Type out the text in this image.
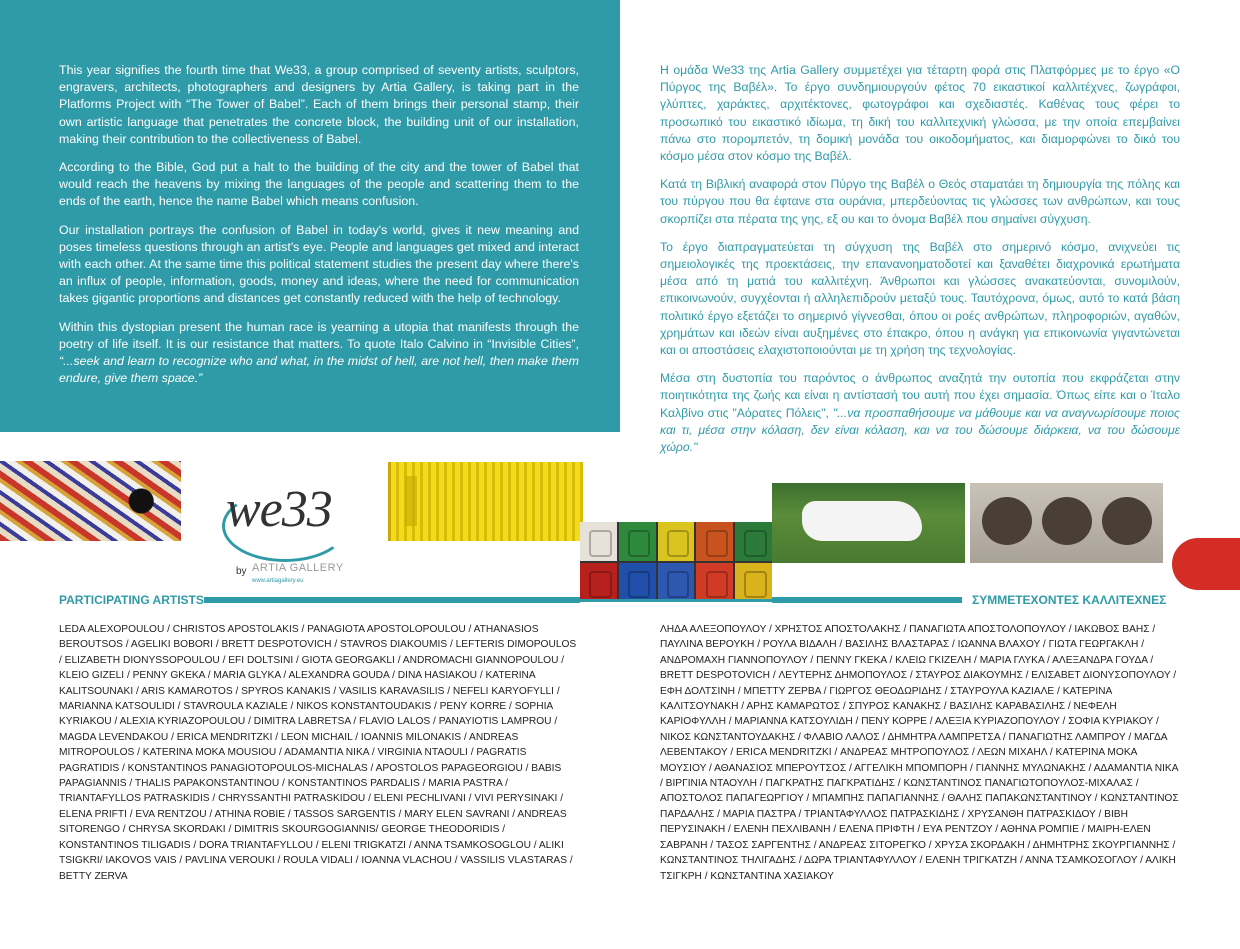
This year signifies the fourth time that We33, a group comprised of seventy artists, sculptors, engravers, architects, photographers and designers by Artia Gallery, is taking part in the Platforms Project with “The Tower of Babel”. Each of them brings their personal stamp, their own artistic language that penetrates the concrete block, the building unit of our installation, making their contribution to the collectiveness of Babel.

According to the Bible, God put a halt to the building of the city and the tower of Babel that would reach the heavens by mixing the languages of the people and scattering them to the ends of the earth, hence the name Babel which means confusion.

Our installation portrays the confusion of Babel in today's world, gives it new meaning and poses timeless questions through an artist's eye. People and languages get mixed and interact with each other. At the same time this political statement studies the present day where there's an influx of people, information, goods, money and ideas, where the need for communication takes gigantic proportions and distances get constantly reduced with the help of technology.

Within this dystopian present the human race is yearning a utopia that manifests through the poetry of life itself. It is our resistance that matters. To quote Italo Calvino in “Invisible Cities”, “...seek and learn to recognize who and what, in the midst of hell, are not hell, then make them endure, give them space.”

Η ομάδα We33 της Artia Gallery συμμετέχει για τέταρτη φορά στις Πλατφόρμες με το έργο «Ο Πύργος της Βαβέλ». Το έργο συνδημιουργούν φέτος 70 εικαστικοί καλλιτέχνες, ζωγράφοι, γλύπτες, χαράκτες, αρχιτέκτονες, φωτογράφοι και σχεδιαστές. Καθένας τους φέρει το προσωπικό του εικαστικό ιδίωμα, τη δική του καλλιτεχνική γλώσσα, με την οποία επεμβαίνει πάνω στο πορομπετόν, τη δομική μονάδα του οικοδομήματος, και διαμορφώνει το δικό του κόσμο μέσα στον κόσμο της Βαβέλ.

Κατά τη Βιβλική αναφορά στον Πύργο της Βαβέλ ο Θεός σταματάει τη δημιουργία της πόλης και του πύργου που θα έφτανε στα ουράνια, μπερδεύοντας τις γλώσσες των ανθρώπων, και τους σκορπίζει στα πέρατα της γης, εξ ου και το όνομα Βαβέλ που σημαίνει σύγχυση.

Το έργο διαπραγματεύεται τη σύγχυση της Βαβέλ στο σημερινό κόσμο, ανιχνεύει τις σημειολογικές της προεκτάσεις, την επανανοηματοδοτεί και ξαναθέτει διαχρονικά ερωτήματα μέσα από τη ματιά του καλλιτέχνη. Άνθρωποι και γλώσσες ανακατεύονται, συνομιλούν, επικοινωνούν, συγχέονται ή αλληλεπιδρούν μεταξύ τους. Ταυτόχρονα, όμως, αυτό το κατά βάση πολιτικό έργο εξετάζει το σημερινό γίγνεσθαι, όπου οι ροές ανθρώπων, πληροφοριών, αγαθών, χρημάτων και ιδεών είναι αυξημένες στο έπακρο, όπου η ανάγκη για επικοινωνία γιγαντώνεται και οι αποστάσεις ελαχιστοποιούνται με τη χρήση της τεχνολογίας.

Μέσα στη δυστοπία του παρόντος ο άνθρωπος αναζητά την ουτοπία που εκφράζεται στην ποιητικότητα της ζωής και είναι η αντίστασή του αυτή που έχει σημασία. Όπως είπε και ο Ίταλο Καλβίνο στις "Αόρατες Πόλεις", "...να προσπαθήσουμε να μάθουμε και να αναγνωρίσουμε ποιος και τι, μέσα στην κόλαση, δεν είναι κόλαση, και να του δώσουμε διάρκεια, να του δώσουμε χώρο."

we33
by ARTIA GALLERY
www.artiagallery.eu
PARTICIPATING ARTISTS	ΣΥΜΜΕΤΕΧΟΝΤΕΣ ΚΑΛΛΙΤΕΧΝΕΣ
LEDA ALEXOPOULOU / CHRISTOS APOSTOLAKIS / PANAGIOTA APOSTOLOPOULOU / ATHANASIOS BEROUTSOS / AGELIKI BOBORI / BRETT DESPOTOVICH / STAVROS DIAKOUMIS / LEFTERIS DIMOPOULOS / ELIZABETH DIONYSSOPOULOU / EFI DOLTSINI / GIOTA GEORGAKLI / ANDROMACHI GIANNOPOULOU / KLEIO GIZELI / PENNY GKEKA / MARIA GLYKA / ALEXANDRA GOUDA / DINA HASIAKOU / KATERINA KALITSOUNAKI / ARIS KAMAROTOS / SPYROS KANAKIS / VASILIS KARAVASILIS / NEFELI KARYOFYLLI / MARIANNA KATSOULIDI / STAVROULA KAZIALE / NIKOS KONSTANTOUDAKIS / PENY KORRE / SOPHIA KYRIAKOU / ALEXIA KYRIAZOPOULOU / DIMITRA LABRETSA / FLAVIO LALOS / PANAYIOTIS LAMPROU / MAGDA LEVENDAKOU / ERICA MENDRITZKI / LEON MICHAIL / IOANNIS MILONAKIS / ANDREAS MITROPOULOS / KATERINA MOKA MOUSIOU / ADAMANTIA NIKA / VIRGINIA NTAOULI / PAGRATIS PAGRATIDIS / KONSTANTINOS PANAGIOTOPOULOS-MICHALAS / APOSTOLOS PAPAGEORGIOU / BABIS PAPAGIANNIS / THALIS PAPAKONSTANTINOU / KONSTANTINOS PARDALIS / MARIA PASTRA / TRIANTAFYLLOS PATRASKIDIS / CHRYSSANTHI PATRASKIDOU / ELENI PECHLIVANI / VIVI PERYSINAKI / ELENA PRIFTI / EVA RENTZOU / ATHINA ROBIE / TASSOS SARGENTIS / MARY ELEN SAVRANI / ANDREAS SITORENGO / CHRYSA SKORDAKI / DIMITRIS SKOURGOGIANNIS/ GEORGE THEODORIDIS / KONSTANTINOS TILIGADIS / DORA TRIANTAFYLLOU / ELENI TRIGKATZI / ANNA TSAMKOSOGLOU / ALIKI TSIGKRI/ IAKOVOS VAIS / PAVLINA VEROUKI / ROULA VIDALI / IOANNA VLACHOU / VASSILIS VLASTARAS / BETTY ZERVA
ΛΗΔΑ ΑΛΕΞΟΠΟΥΛΟΥ / ΧΡΗΣΤΟΣ ΑΠΟΣΤΟΛΑΚΗΣ / ΠΑΝΑΓΙΩΤΑ ΑΠΟΣΤΟΛΟΠΟΥΛΟΥ / ΙΑΚΩΒΟΣ ΒΑΗΣ / ΠΑΥΛΙΝΑ ΒΕΡΟΥΚΗ / ΡΟΥΛΑ ΒΙΔΑΛΗ / ΒΑΣΙΛΗΣ ΒΛΑΣΤΑΡΑΣ / ΙΩΑΝΝΑ ΒΛΑΧΟΥ / ΓΙΩΤΑ ΓΕΩΡΓΑΚΛΗ / ΑΝΔΡΟΜΑΧΗ ΓΙΑΝΝΟΠΟΥΛΟΥ / ΠΕΝΝΥ ΓΚΕΚΑ / ΚΛΕΙΩ ΓΚΙΖΕΛΗ / ΜΑΡΙΑ ΓΛΥΚΑ / ΑΛΕΞΑΝΔΡΑ ΓΟΥΔΑ / BRETT DESPOTOVICH / ΛΕΥΤΕΡΗΣ ΔΗΜΟΠΟΥΛΟΣ / ΣΤΑΥΡΟΣ ΔΙΑΚΟΥΜΗΣ / ΕΛΙΣΑΒΕΤ ΔΙΟΝΥΣΟΠΟΥΛΟΥ / ΕΦΗ ΔΟΛΤΣΙΝΗ / ΜΠΕΤΤΥ ΖΕΡΒΑ / ΓΙΩΡΓΟΣ ΘΕΟΔΩΡΙΔΗΣ / ΣΤΑΥΡΟΥΛΑ ΚΑΖΙΑΛΕ / ΚΑΤΕΡΙΝΑ ΚΑΛΙΤΣΟΥΝΑΚΗ / ΑΡΗΣ ΚΑΜΑΡΩΤΟΣ / ΣΠΥΡΟΣ ΚΑΝΑΚΗΣ / ΒΑΣΙΛΗΣ ΚΑΡΑΒΑΣΙΛΗΣ / ΝΕΦΕΛΗ ΚΑΡΙΟΦΥΛΛΗ / ΜΑΡΙΑΝΝΑ ΚΑΤΣΟΥΛΙΔΗ / ΠΕΝΥ ΚΟΡΡΕ / ΑΛΕΞΙΑ ΚΥΡΙΑΖΟΠΟΥΛΟΥ / ΣΟΦΙΑ ΚΥΡΙΑΚΟΥ / ΝΙΚΟΣ ΚΩΝΣΤΑΝΤΟΥΔΑΚΗΣ / ΦΛΑΒΙΟ ΛΑΛΟΣ / ΔΗΜΗΤΡΑ ΛΑΜΠΡΕΤΣΑ / ΠΑΝΑΓΙΩΤΗΣ ΛΑΜΠΡΟΥ / ΜΑΓΔΑ ΛΕΒΕΝΤΑΚΟΥ / ERICA MENDRITZKI / ΑΝΔΡΕΑΣ ΜΗΤΡΟΠΟΥΛΟΣ / ΛΕΩΝ ΜΙΧΑΗΛ / ΚΑΤΕΡΙΝΑ ΜΟΚΑ ΜΟΥΣΙΟΥ / ΑΘΑΝΑΣΙΟΣ ΜΠΕΡΟΥΤΣΟΣ / ΑΓΓΕΛΙΚΗ ΜΠΟΜΠΟΡΗ / ΓΙΑΝΝΗΣ ΜΥΛΩΝΑΚΗΣ / ΑΔΑΜΑΝΤΙΑ ΝΙΚΑ / ΒΙΡΓΙΝΙΑ ΝΤΑΟΥΛΗ / ΠΑΓΚΡΑΤΗΣ ΠΑΓΚΡΑΤΙΔΗΣ / ΚΩΝΣΤΑΝΤΙΝΟΣ ΠΑΝΑΓΙΩΤΟΠΟΥΛΟΣ-ΜΙΧΑΛΑΣ / ΑΠΟΣΤΟΛΟΣ ΠΑΠΑΓΕΩΡΓΙΟΥ / ΜΠΑΜΠΗΣ ΠΑΠΑΓΙΑΝΝΗΣ / ΘΑΛΗΣ ΠΑΠΑΚΩΝΣΤΑΝΤΙΝΟΥ / ΚΩΝΣΤΑΝΤΙΝΟΣ ΠΑΡΔΑΛΗΣ / ΜΑΡΙΑ ΠΑΣΤΡΑ / ΤΡΙΑΝΤΑΦΥΛΛΟΣ ΠΑΤΡΑΣΚΙΔΗΣ / ΧΡΥΣΑΝΘΗ ΠΑΤΡΑΣΚΙΔΟΥ / ΒΙΒΗ ΠΕΡΥΣΙΝΑΚΗ / ΕΛΕΝΗ ΠΕΧΛΙΒΑΝΗ / ΕΛΕΝΑ ΠΡΙΦΤΗ / ΕΥΑ ΡΕΝΤΖΟΥ / ΑΘΗΝΑ ΡΟΜΠΙΕ / ΜΑΙΡΗ-ΕΛΕΝ ΣΑΒΡΑΝΗ / ΤΑΣΟΣ ΣΑΡΓΕΝΤΗΣ / ΑΝΔΡΕΑΣ ΣΙΤΟΡΕΓΚΟ / ΧΡΥΣΑ ΣΚΟΡΔΑΚΗ / ΔΗΜΗΤΡΗΣ ΣΚΟΥΡΓΙΑΝΝΗΣ / ΚΩΝΣΤΑΝΤΙΝΟΣ ΤΗΛΙΓΑΔΗΣ / ΔΩΡΑ ΤΡΙΑΝΤΑΦΥΛΛΟΥ / ΕΛΕΝΗ ΤΡΙΓΚΑΤΖΗ / ΑΝΝΑ ΤΣΑΜΚΟΣΟΓΛΟΥ / ΑΛΙΚΗ ΤΣΙΓΚΡΗ / ΚΩΝΣΤΑΝΤΙΝΑ ΧΑΣΙΑΚΟΥ
